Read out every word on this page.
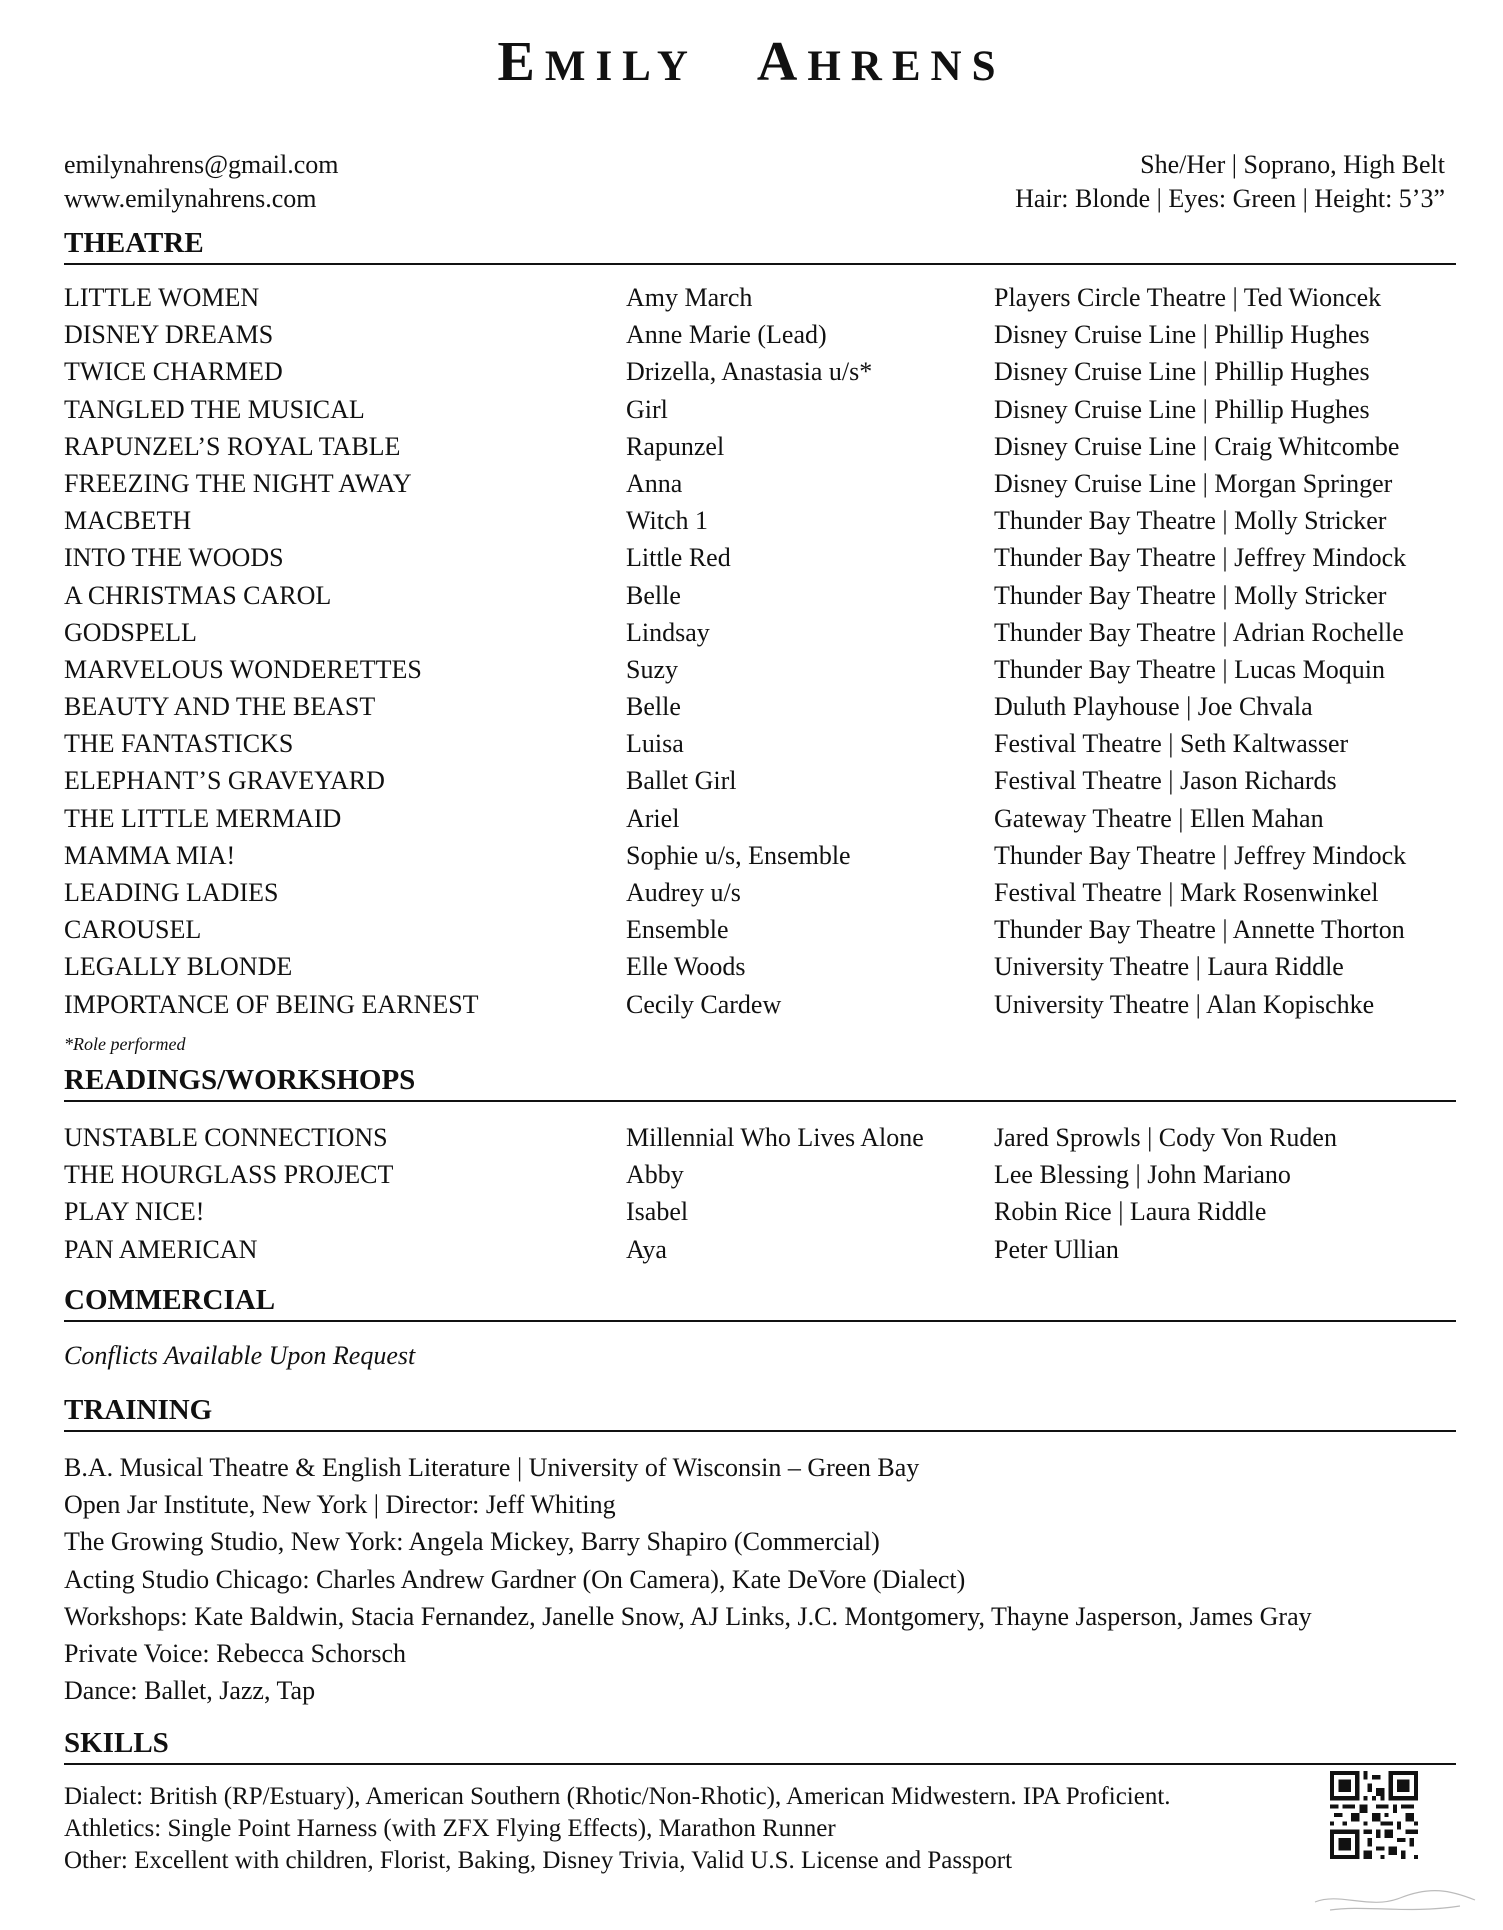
EMILY AHRENS
emilynahrens@gmail.com
www.emilynahrens.com
She/Her | Soprano, High Belt
Hair: Blonde | Eyes: Green | Height: 5’3”
THEATRE
LITTLE WOMEN	Amy March	Players Circle Theatre | Ted Wioncek
DISNEY DREAMS	Anne Marie (Lead)	Disney Cruise Line | Phillip Hughes
TWICE CHARMED	Drizella, Anastasia u/s*	Disney Cruise Line | Phillip Hughes
TANGLED THE MUSICAL	Girl	Disney Cruise Line | Phillip Hughes
RAPUNZEL’S ROYAL TABLE	Rapunzel	Disney Cruise Line | Craig Whitcombe
FREEZING THE NIGHT AWAY	Anna	Disney Cruise Line | Morgan Springer
MACBETH	Witch 1	Thunder Bay Theatre | Molly Stricker
INTO THE WOODS	Little Red	Thunder Bay Theatre | Jeffrey Mindock
A CHRISTMAS CAROL	Belle	Thunder Bay Theatre | Molly Stricker
GODSPELL	Lindsay	Thunder Bay Theatre | Adrian Rochelle
MARVELOUS WONDERETTES	Suzy	Thunder Bay Theatre | Lucas Moquin
BEAUTY AND THE BEAST	Belle	Duluth Playhouse | Joe Chvala
THE FANTASTICKS	Luisa	Festival Theatre | Seth Kaltwasser
ELEPHANT’S GRAVEYARD	Ballet Girl	Festival Theatre | Jason Richards
THE LITTLE MERMAID	Ariel	Gateway Theatre | Ellen Mahan
MAMMA MIA!	Sophie u/s, Ensemble	Thunder Bay Theatre | Jeffrey Mindock
LEADING LADIES	Audrey u/s	Festival Theatre | Mark Rosenwinkel
CAROUSEL	Ensemble	Thunder Bay Theatre | Annette Thorton
LEGALLY BLONDE	Elle Woods	University Theatre | Laura Riddle
IMPORTANCE OF BEING EARNEST	Cecily Cardew	University Theatre | Alan Kopischke
*Role performed
READINGS/WORKSHOPS
UNSTABLE CONNECTIONS	Millennial Who Lives Alone	Jared Sprowls | Cody Von Ruden
THE HOURGLASS PROJECT	Abby	Lee Blessing | John Mariano
PLAY NICE!	Isabel	Robin Rice | Laura Riddle
PAN AMERICAN	Aya	Peter Ullian
COMMERCIAL
Conflicts Available Upon Request
TRAINING
B.A. Musical Theatre & English Literature | University of Wisconsin – Green Bay
Open Jar Institute, New York | Director: Jeff Whiting
The Growing Studio, New York: Angela Mickey, Barry Shapiro (Commercial)
Acting Studio Chicago: Charles Andrew Gardner (On Camera), Kate DeVore (Dialect)
Workshops: Kate Baldwin, Stacia Fernandez, Janelle Snow, AJ Links, J.C. Montgomery, Thayne Jasperson, James Gray
Private Voice: Rebecca Schorsch
Dance: Ballet, Jazz, Tap
SKILLS
Dialect: British (RP/Estuary), American Southern (Rhotic/Non-Rhotic), American Midwestern. IPA Proficient.
Athletics: Single Point Harness (with ZFX Flying Effects), Marathon Runner
Other: Excellent with children, Florist, Baking, Disney Trivia, Valid U.S. License and Passport
